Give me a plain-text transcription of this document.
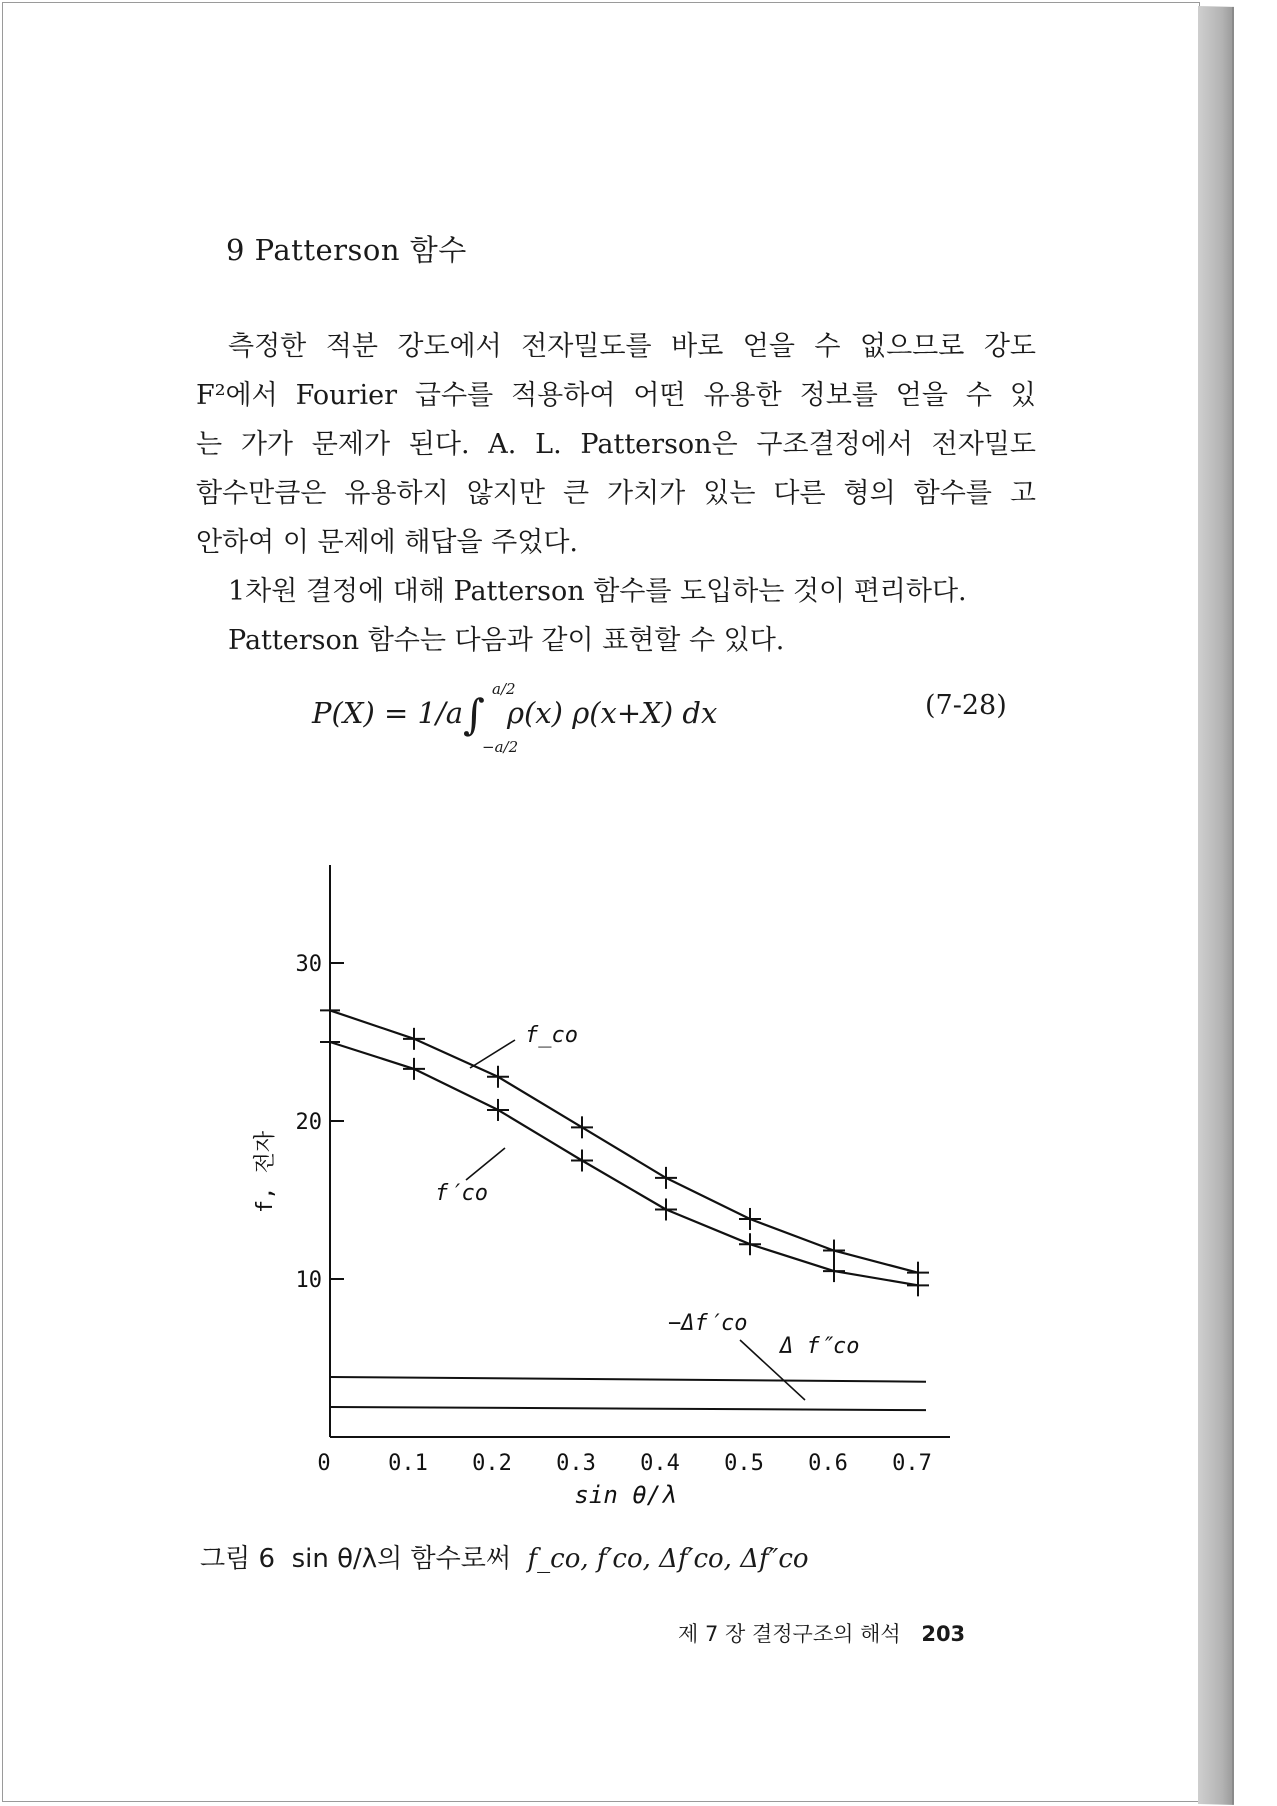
9 Patterson 함수
측정한 적분 강도에서 전자밀도를 바로 얻을 수 없으므로 강도
F²에서 Fourier 급수를 적용하여 어떤 유용한 정보를 얻을 수 있
는 가가 문제가 된다. A. L. Patterson은 구조결정에서 전자밀도
함수만큼은 유용하지 않지만 큰 가치가 있는 다른 형의 함수를 고
안하여 이 문제에 해답을 주었다.
1차원 결정에 대해 Patterson 함수를 도입하는 것이 편리하다.
Patterson 함수는 다음과 같이 표현할 수 있다.
P(X) = 1/a∫ ρ(x) ρ(x+X) dx
a/2
−a/2
(7-28)
10
20
30
0	0.1 0.2 0.3 0.4 0.5 0.6 0.7
sin θ/λ
f, 전자
f_co
f′co
−Δf′co
Δ f″co
그림 6 sin θ/λ의 함수로써 f_co, f′co, Δf′co, Δf″co
제 7 장 결정구조의 해석 203
